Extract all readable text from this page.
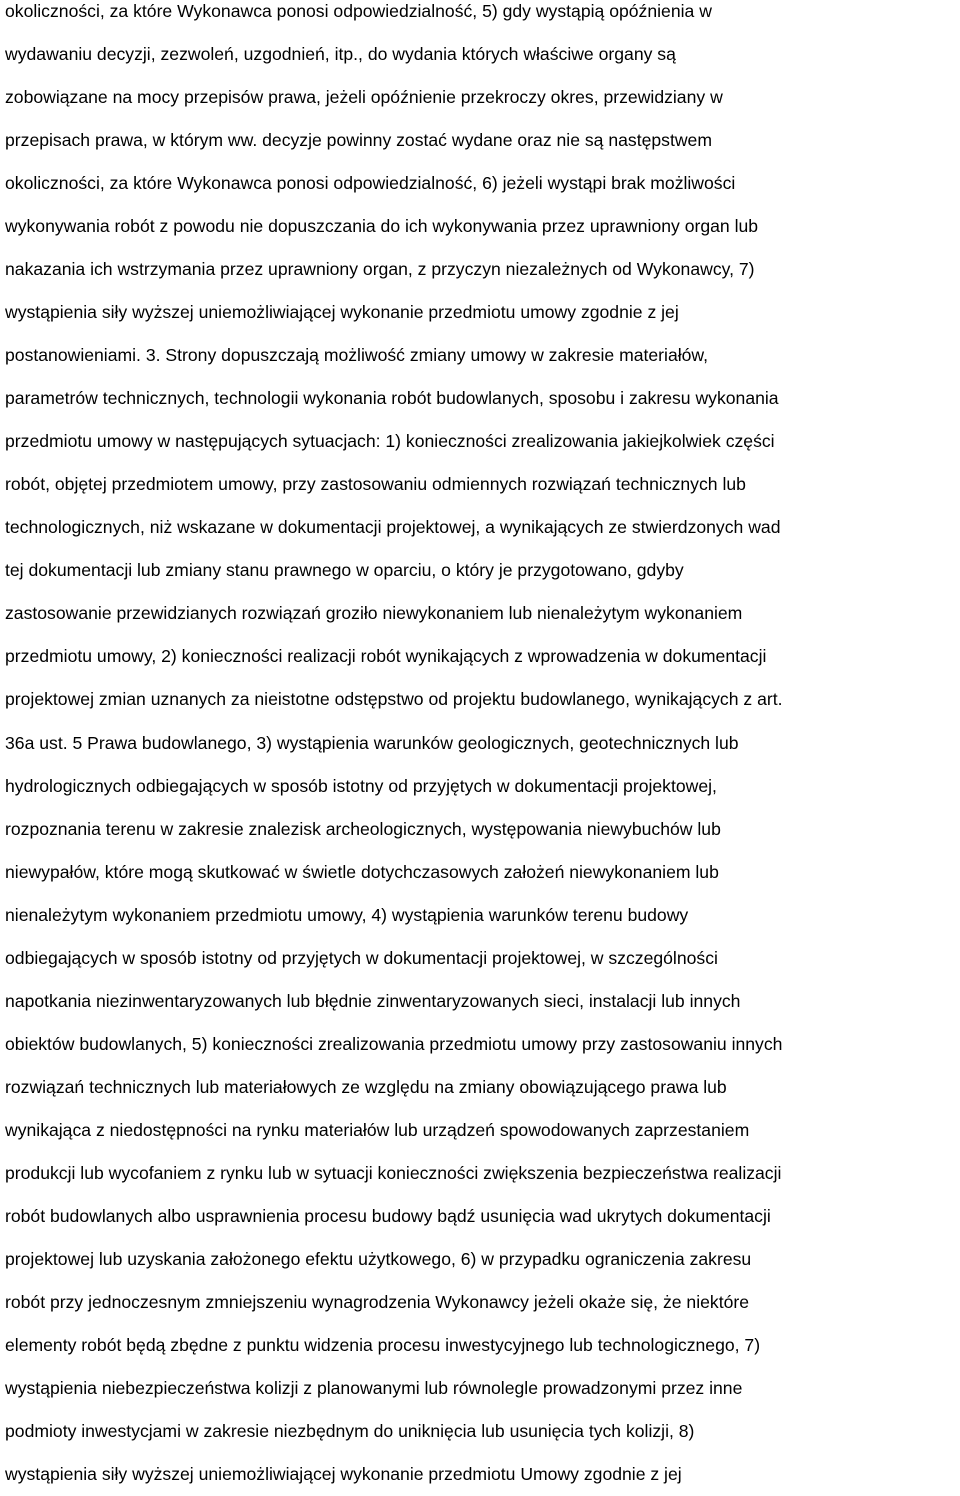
okoliczności, za które Wykonawca ponosi odpowiedzialność, 5) gdy wystąpią opóźnienia w
wydawaniu decyzji, zezwoleń, uzgodnień, itp., do wydania których właściwe organy są
zobowiązane na mocy przepisów prawa, jeżeli opóźnienie przekroczy okres, przewidziany w
przepisach prawa, w którym ww. decyzje powinny zostać wydane oraz nie są następstwem
okoliczności, za które Wykonawca ponosi odpowiedzialność, 6) jeżeli wystąpi brak możliwości
wykonywania robót z powodu nie dopuszczania do ich wykonywania przez uprawniony organ lub
nakazania ich wstrzymania przez uprawniony organ, z przyczyn niezależnych od Wykonawcy, 7)
wystąpienia siły wyższej uniemożliwiającej wykonanie przedmiotu umowy zgodnie z jej
postanowieniami. 3. Strony dopuszczają możliwość zmiany umowy w zakresie materiałów,
parametrów technicznych, technologii wykonania robót budowlanych, sposobu i zakresu wykonania
przedmiotu umowy w następujących sytuacjach: 1) konieczności zrealizowania jakiejkolwiek części
robót, objętej przedmiotem umowy, przy zastosowaniu odmiennych rozwiązań technicznych lub
technologicznych, niż wskazane w dokumentacji projektowej, a wynikających ze stwierdzonych wad
tej dokumentacji lub zmiany stanu prawnego w oparciu, o który je przygotowano, gdyby
zastosowanie przewidzianych rozwiązań groziło niewykonaniem lub nienależytym wykonaniem
przedmiotu umowy, 2) konieczności realizacji robót wynikających z wprowadzenia w dokumentacji
projektowej zmian uznanych za nieistotne odstępstwo od projektu budowlanego, wynikających z art.
36a ust. 5 Prawa budowlanego, 3) wystąpienia warunków geologicznych, geotechnicznych lub
hydrologicznych odbiegających w sposób istotny od przyjętych w dokumentacji projektowej,
rozpoznania terenu w zakresie znalezisk archeologicznych, występowania niewybuchów lub
niewypałów, które mogą skutkować w świetle dotychczasowych założeń niewykonaniem lub
nienależytym wykonaniem przedmiotu umowy, 4) wystąpienia warunków terenu budowy
odbiegających w sposób istotny od przyjętych w dokumentacji projektowej, w szczególności
napotkania niezinwentaryzowanych lub błędnie zinwentaryzowanych sieci, instalacji lub innych
obiektów budowlanych, 5) konieczności zrealizowania przedmiotu umowy przy zastosowaniu innych
rozwiązań technicznych lub materiałowych ze względu na zmiany obowiązującego prawa lub
wynikająca z niedostępności na rynku materiałów lub urządzeń spowodowanych zaprzestaniem
produkcji lub wycofaniem z rynku lub w sytuacji konieczności zwiększenia bezpieczeństwa realizacji
robót budowlanych albo usprawnienia procesu budowy bądź usunięcia wad ukrytych dokumentacji
projektowej lub uzyskania założonego efektu użytkowego, 6) w przypadku ograniczenia zakresu
robót przy jednoczesnym zmniejszeniu wynagrodzenia Wykonawcy jeżeli okaże się, że niektóre
elementy robót będą zbędne z punktu widzenia procesu inwestycyjnego lub technologicznego, 7)
wystąpienia niebezpieczeństwa kolizji z planowanymi lub równolegle prowadzonymi przez inne
podmioty inwestycjami w zakresie niezbędnym do uniknięcia lub usunięcia tych kolizji, 8)
wystąpienia siły wyższej uniemożliwiającej wykonanie przedmiotu Umowy zgodnie z jej
